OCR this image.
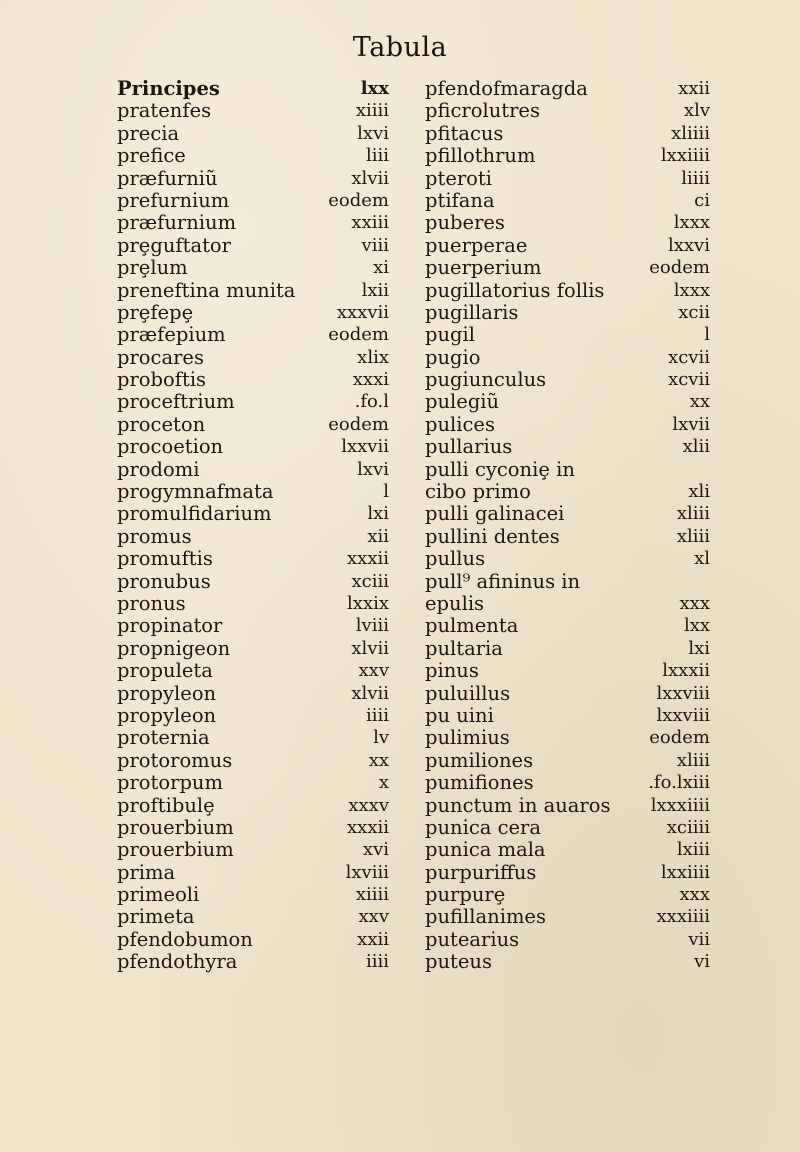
Tabula
Principes	lxx
pratenfes	xiiii
precia	lxvi
prefice	liii
præfurniũ	xlvii
prefurnium	eodem
præfurnium	xxiii
prȩguftator	viii
prȩlum	xi
preneftina munita	lxii
prȩfepȩ	xxxvii
præfepium	eodem
procares	xlix
proboftis	xxxi
proceftrium	.fo.l
proceton	eodem
procoetion	lxxvii
prodomi	lxvi
progymnafmata	l
promulfidarium	lxi
promus	xii
promuftis	xxxii
pronubus	xciii
pronus	lxxix
propinator	lviii
propnigeon	xlvii
propuleta	xxv
propyleon	xlvii
propyleon	iiii
proternia	lv
protoromus	xx
protorpum	x
proftibulȩ	xxxv
prouerbium	xxxii
prouerbium	xvi
prima	lxviii
primeoli	xiiii
primeta	xxv
pfendobumon	xxii
pfendothyra	iiii
pfendofmaragda	xxii
pficrolutres	xlv
pfitacus	xliiii
pfillothrum	lxxiiii
pteroti	liiii
ptifana	ci
puberes	lxxx
puerperae	lxxvi
puerperium	eodem
pugillatorius follis	lxxx
pugillaris	xcii
pugil	l
pugio	xcvii
pugiunculus	xcvii
pulegiũ	xx
pulices	lxvii
pullarius	xlii
pulli cyconiȩ in
cibo primo	xli
pulli galinacei	xliii
pullini dentes	xliii
pullus	xl
pull⁹ afininus in
epulis	xxx
pulmenta	lxx
pultaria	lxi
pinus	lxxxii
puluillus	lxxviii
pu uini	lxxviii
pulimius	eodem
pumiliones	xliii
pumifiones	.fo.lxiii
punctum in auaros lxxxiiii
punica cera	xciiii
punica mala	lxiii
purpuriffus	lxxiiii
purpurȩ	xxx
pufillanimes	xxxiiii
putearius	vii
puteus	vi
